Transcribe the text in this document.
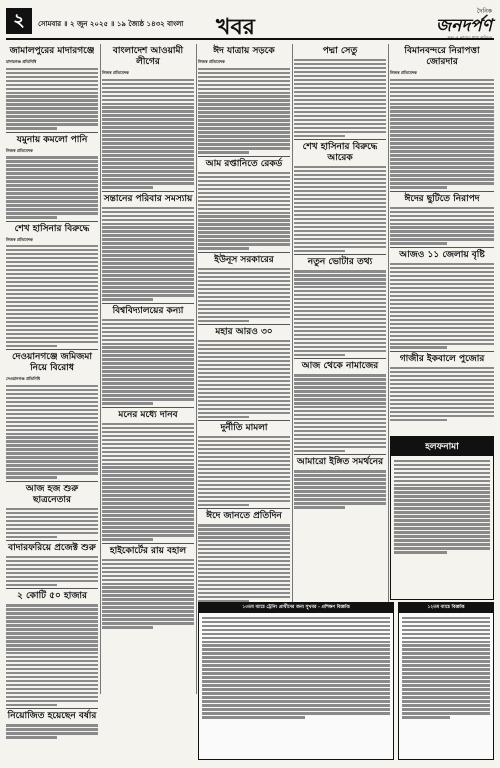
২	সোমবার ॥ ২ জুন ২০২৫ ॥ ১৯ জ্যৈষ্ঠ ১৪৩২ বাংলা খবর
দৈনিক
জনদর্পণ
সত্য ও ন্যায়ের পথে অবিচল
জামালপুরের মাদারগঞ্জে
মাদারগঞ্জ প্রতিনিধি
যমুনায় কমলো পানি
নিজস্ব প্রতিবেদক
শেখ হাসিনার বিরুদ্ধে
নিজস্ব প্রতিবেদক
দেওয়ানগঞ্জে জমিজমা নিয়ে বিরোধ
দেওয়ানগঞ্জ প্রতিনিধি
আজ হজ শুরু ছাত্রনেতার
বাদারফরিয়ে প্রজেক্ট শুরু
২ কোটি ৫০ হাজার
নিয়োজিত হয়েছেন বর্ষার
বাংলাদেশ আওয়ামী লীগের
নিজস্ব প্রতিবেদক
সন্তানের পরিবার সমস্যায়
বিশ্ববিদ্যালয়ের কন্যা
মনের মধ্যে দানব
হাইকোর্টের রায় বহাল
ঈদ যাত্রায় সড়কে
নিজস্ব প্রতিবেদক
আম রপ্তানিতে রেকর্ড
ইউনূস সরকারের
মহার আরও ৩০
দুর্নীতি মামলা
ঈদে জানতে প্রতিদিন
পদ্মা সেতু
শেখ হাসিনার বিরুদ্ধে আরেক
নতুন ভোটার তথ্য
আজ থেকে নামাজের
আমারো ইঙ্গিত সমর্থনের
বিমানবন্দরে নিরাপত্তা জোরদার
নিজস্ব প্রতিবেদক
ঈদের ছুটিতে নিরাপদ
আজও ১১ জেলায় বৃষ্টি
গাজীর ইকবালে পুজোর
হলফনামা
১৩তম ব্যাচে ট্রেনিং প্রার্থীদের জন্য সুখবর - প্রশিক্ষণ বিজ্ঞপ্তি	১২তম ব্যাচে বিজ্ঞপ্তি
